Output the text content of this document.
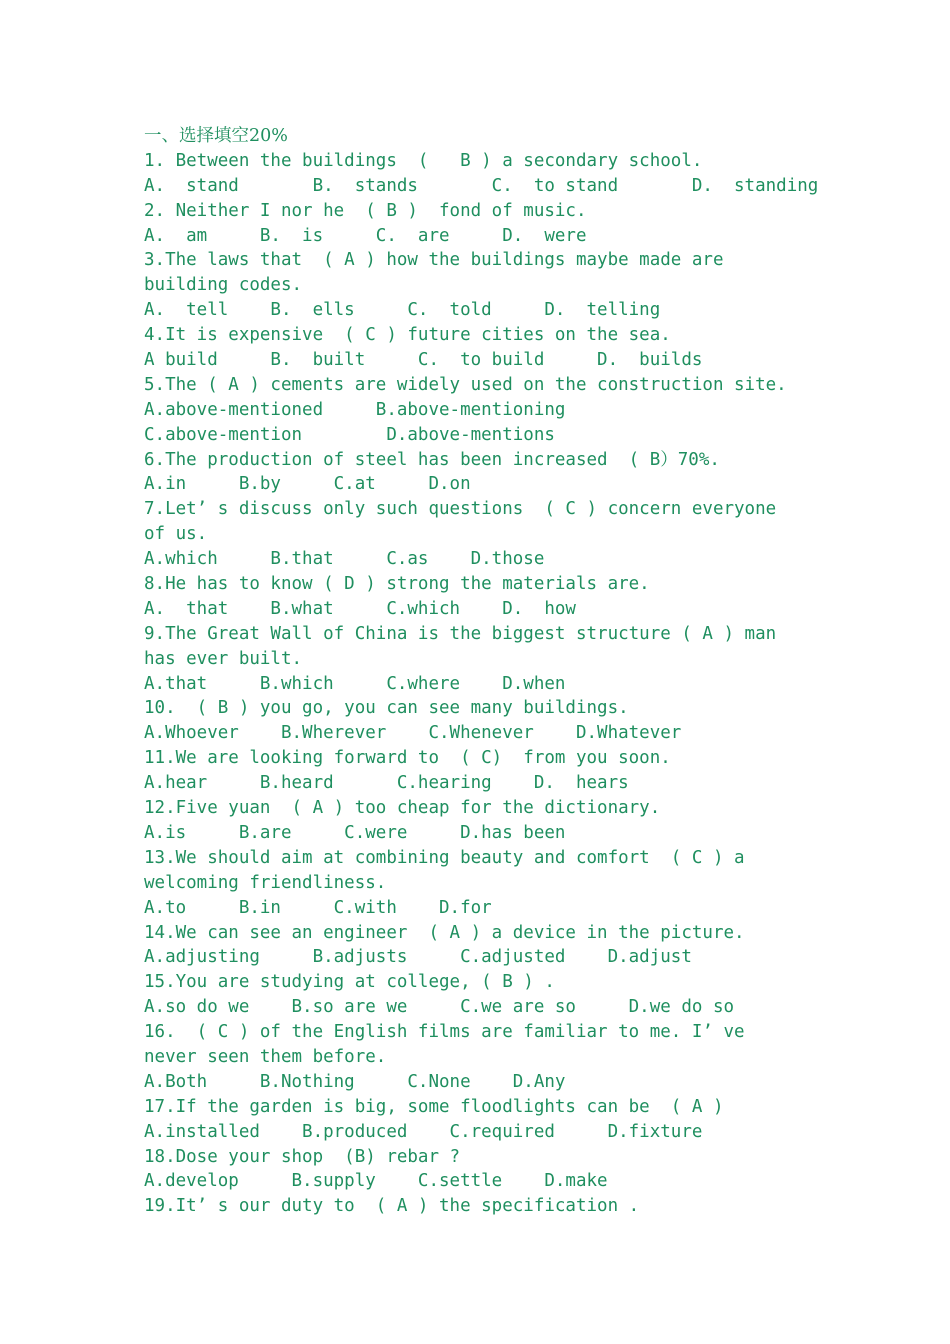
一、选择填空20%
1. Between the buildings  (   B ) a secondary school.
A.  stand       B.  stands       C.  to stand       D.  standing
2. Neither I nor he  ( B )  fond of music.
A.  am     B.  is     C.  are     D.  were
3.The laws that  ( A ) how the buildings maybe made are
building codes.
A.  tell    B.  ells     C.  told     D.  telling
4.It is expensive  ( C ) future cities on the sea.
A build     B.  built     C.  to build     D.  builds
5.The ( A ) cements are widely used on the construction site.
A.above-mentioned     B.above-mentioning
C.above-mention        D.above-mentions
6.The production of steel has been increased  ( B）70%.
A.in     B.by     C.at     D.on
7.Let’ s discuss only such questions  ( C ) concern everyone
of us.
A.which     B.that     C.as    D.those
8.He has to know ( D ) strong the materials are.
A.  that    B.what     C.which    D.  how
9.The Great Wall of China is the biggest structure ( A ) man
has ever built.
A.that     B.which     C.where    D.when
10.  ( B ) you go, you can see many buildings.
A.Whoever    B.Wherever    C.Whenever    D.Whatever
11.We are looking forward to  ( C)  from you soon.
A.hear     B.heard      C.hearing    D.  hears
12.Five yuan  ( A ) too cheap for the dictionary.
A.is     B.are     C.were     D.has been
13.We should aim at combining beauty and comfort  ( C ) a
welcoming friendliness.
A.to     B.in     C.with    D.for
14.We can see an engineer  ( A ) a device in the picture.
A.adjusting     B.adjusts     C.adjusted    D.adjust
15.You are studying at college, ( B ) .
A.so do we    B.so are we     C.we are so     D.we do so
16.  ( C ) of the English films are familiar to me. I’ ve
never seen them before.
A.Both     B.Nothing     C.None    D.Any
17.If the garden is big, some floodlights can be  ( A )
A.installed    B.produced    C.required     D.fixture
18.Dose your shop  (B) rebar ?
A.develop     B.supply    C.settle    D.make
19.It’ s our duty to  ( A ) the specification .
